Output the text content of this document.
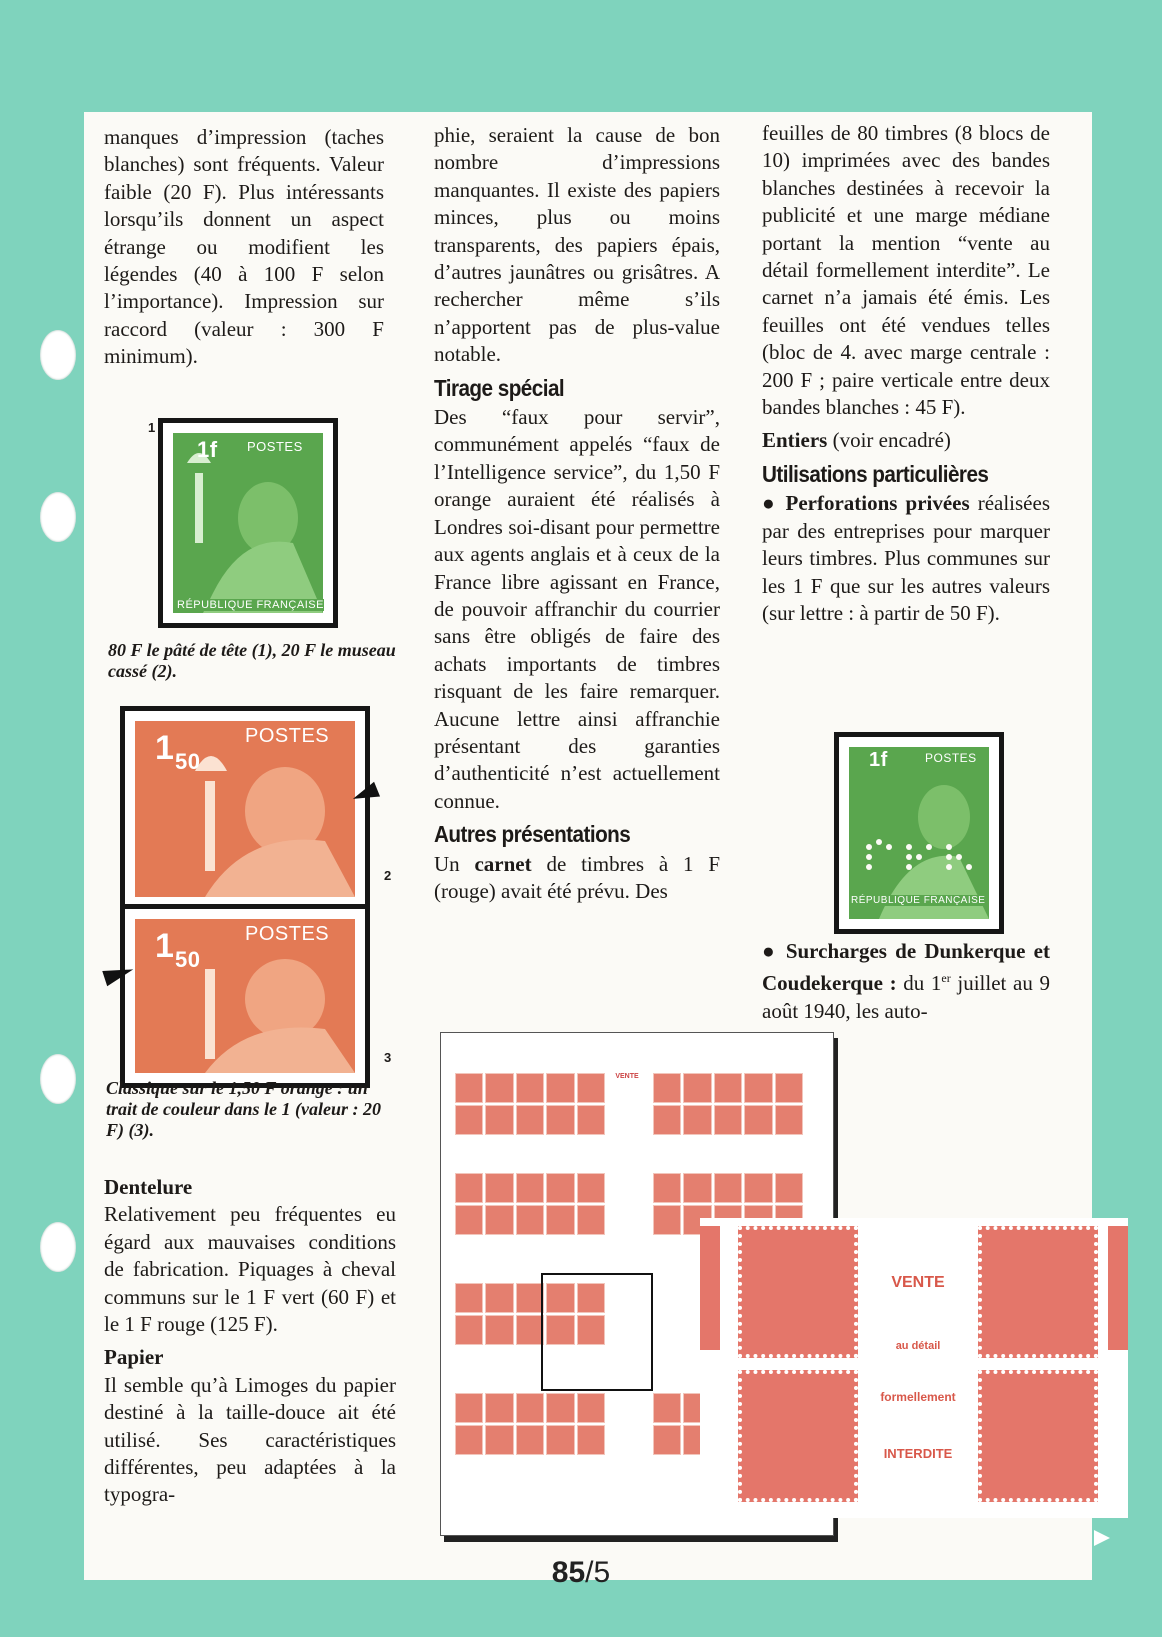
manques d’impression (taches blanches) sont fréquents. Valeur faible (20 F). Plus intéressants lorsqu’ils donnent un aspect étrange ou modifient les légendes (40 à 100 F selon l’importance). Impression sur raccord (valeur : 300 F minimum).

1
1f POSTES
RÉPUBLIQUE FRANÇAISE
80 F le pâté de tête (1), 20 F le museau cassé (2).
1 50
POSTES
2
1 50
POSTES
3
Classique sur le 1,50 F orange : un trait de couleur dans le 1 (valeur : 20 F) (3).
Dentelure

Relativement peu fréquentes eu égard aux mauvaises conditions de fabrication. Piquages à cheval communs sur le 1 F vert (60 F) et le 1 F rouge (125 F).

Papier

Il semble qu’à Limoges du papier destiné à la taille-douce ait été utilisé. Ses caractéristiques différentes, peu adaptées à la typogra-

phie, seraient la cause de bon nombre d’impressions manquantes. Il existe des papiers minces, plus ou moins transparents, des papiers épais, d’autres jaunâtres ou grisâtres. A rechercher même s’ils n’apportent pas de plus-value notable.

Tirage spécial

Des “faux pour servir”, communément appelés “faux de l’Intelligence service”, du 1,50 F orange auraient été réalisés à Londres soi-disant pour permettre aux agents anglais et à ceux de la France libre agissant en France, de pouvoir affranchir du courrier sans être obligés de faire des achats importants de timbres risquant de les faire remarquer. Aucune lettre ainsi affranchie présentant des garanties d’authenticité n’est actuellement connue.

Autres présentations

Un carnet de timbres à 1 F (rouge) avait été prévu. Des

feuilles de 80 timbres (8 blocs de 10) imprimées avec des bandes blanches destinées à recevoir la publicité et une marge médiane portant la mention “vente au détail formellement interdite”. Le carnet n’a jamais été émis. Les feuilles ont été vendues telles (bloc de 4. avec marge centrale : 200 F ; paire verticale entre deux bandes blanches : 45 F).

Entiers (voir encadré)

Utilisations particulières

● Perforations privées réalisées par des entreprises pour marquer leurs timbres. Plus communes sur les 1 F que sur les autres valeurs (sur lettre : à partir de 50 F).

1f	POSTES
RÉPUBLIQUE FRANÇAISE

● Surcharges de Dunkerque et Coudekerque : du 1er juillet au 9 août 1940, les auto-

VENTE
VENTE
au détail
formellement
INTERDITE
85/5
